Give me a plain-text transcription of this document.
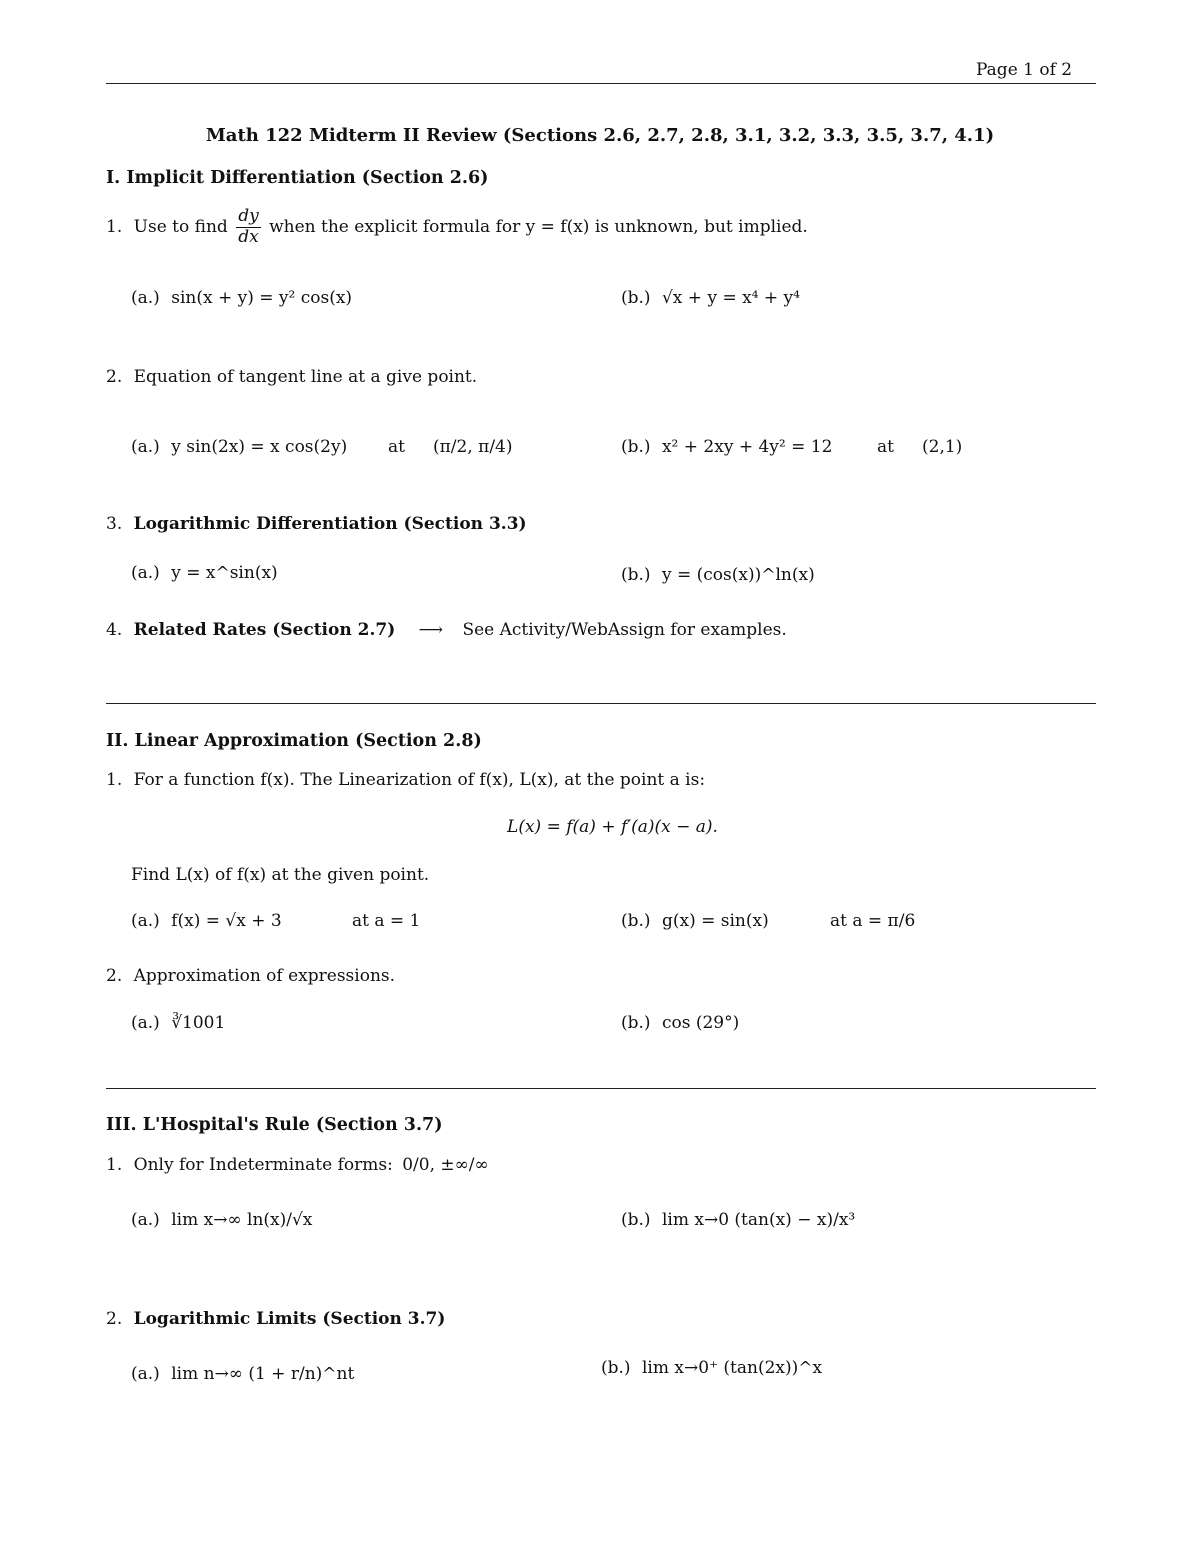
Page 1 of 2
Math 122 Midterm II Review (Sections 2.6, 2.7, 2.8, 3.1, 3.2, 3.3, 3.5, 3.7, 4.1)
I. Implicit Differentiation (Section 2.6)
1. Use to find $\frac{dy}{dx}$ when the explicit formula for y = f(x) is unknown, but implied.
(a.) sin(x + y) = y² cos(x)	(b.) √x + y = x⁴ + y⁴
2. Equation of tangent line at a give point.
(a.) y sin(2x) = x cos(2y) at (π/2, π/4)	(b.) x² + 2xy + 4y² = 12	at (2,1)
3. Logarithmic Differentiation (Section 3.3)
(a.) y = x^sin(x)	(b.) y = (cos(x))^ln(x)
4. Related Rates (Section 2.7) ⟶ See Activity/WebAssign for examples.
II. Linear Approximation (Section 2.8)
1. For a function f(x). The Linearization of f(x), L(x), at the point a is:
L(x) = f(a) + f′(a)(x − a).
Find L(x) of f(x) at the given point.
(a.) f(x) = √x + 3	at a = 1	(b.) g(x) = sin(x)	at a = π/6
2. Approximation of expressions.
(a.) ∛1001	(b.) cos (29°)
III. L'Hospital's Rule (Section 3.7)
1. Only for Indeterminate forms: 0/0, ±∞/∞
(a.) lim x→∞ ln(x)/√x	(b.) lim x→0 (tan(x) − x)/x³
2. Logarithmic Limits (Section 3.7)
(a.) lim n→∞ (1 + r/n)^nt	(b.) lim x→0⁺ (tan(2x))^x
